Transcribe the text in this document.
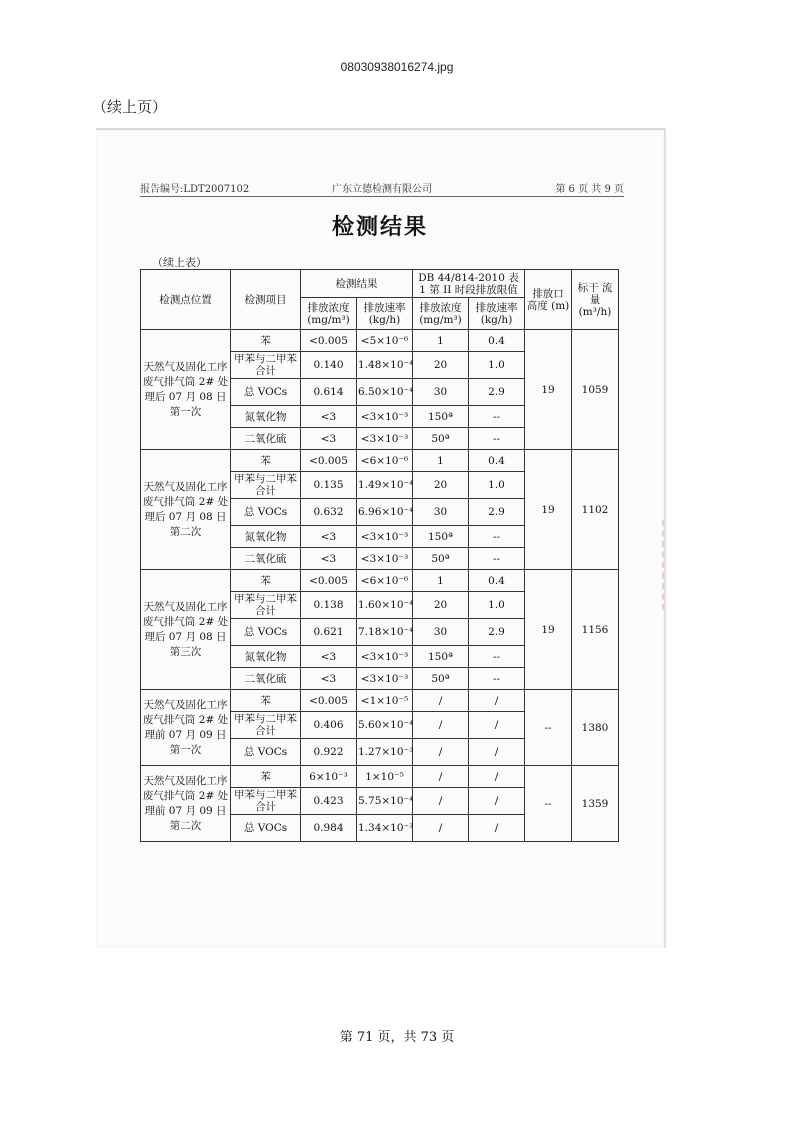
08030938016274.jpg
（续上页）
报告编号:LDT2007102	广东立德检测有限公司	第 6 页 共 9 页
检测结果
（续上表）
检测点位置	检测项目	检测结果		DB 44/814-2010 表 1 第 II 时段排放限值		排放口 高度 (m)	标干 流量 (m³/h)
		排放浓度 (mg/m³)	排放速率 (kg/h)	排放浓度 (mg/m³)	排放速率 (kg/h)		
天然气及固化工序废气排气筒 2# 处理后 07 月 08 日第一次	苯	<0.005	<5×10⁻⁶	1	0.4	19	1059
	甲苯与二甲苯合计	0.140	1.48×10⁻⁴	20	1.0		
	总 VOCs	0.614	6.50×10⁻⁴	30	2.9		
	氮氧化物	<3	<3×10⁻³	150ª	--		
	二氧化硫	<3	<3×10⁻³	50ª	--		
天然气及固化工序废气排气筒 2# 处理后 07 月 08 日第二次	苯	<0.005	<6×10⁻⁶	1	0.4	19	1102
	甲苯与二甲苯合计	0.135	1.49×10⁻⁴	20	1.0		
	总 VOCs	0.632	6.96×10⁻⁴	30	2.9		
	氮氧化物	<3	<3×10⁻³	150ª	--		
	二氧化硫	<3	<3×10⁻³	50ª	--		
天然气及固化工序废气排气筒 2# 处理后 07 月 08 日第三次	苯	<0.005	<6×10⁻⁶	1	0.4	19	1156
	甲苯与二甲苯合计	0.138	1.60×10⁻⁴	20	1.0		
	总 VOCs	0.621	7.18×10⁻⁴	30	2.9		
	氮氧化物	<3	<3×10⁻³	150ª	--		
	二氧化硫	<3	<3×10⁻³	50ª	--		
天然气及固化工序废气排气筒 2# 处理前 07 月 09 日第一次	苯	<0.005	<1×10⁻⁵	/	/	--	1380
	甲苯与二甲苯合计	0.406	5.60×10⁻⁴	/	/		
	总 VOCs	0.922	1.27×10⁻³	/	/		
天然气及固化工序废气排气筒 2# 处理前 07 月 09 日第二次	苯	6×10⁻³	1×10⁻⁵	/	/	--	1359
	甲苯与二甲苯合计	0.423	5.75×10⁻⁴	/	/		
	总 VOCs	0.984	1.34×10⁻³	/	/		
第 71 页，共 73 页
